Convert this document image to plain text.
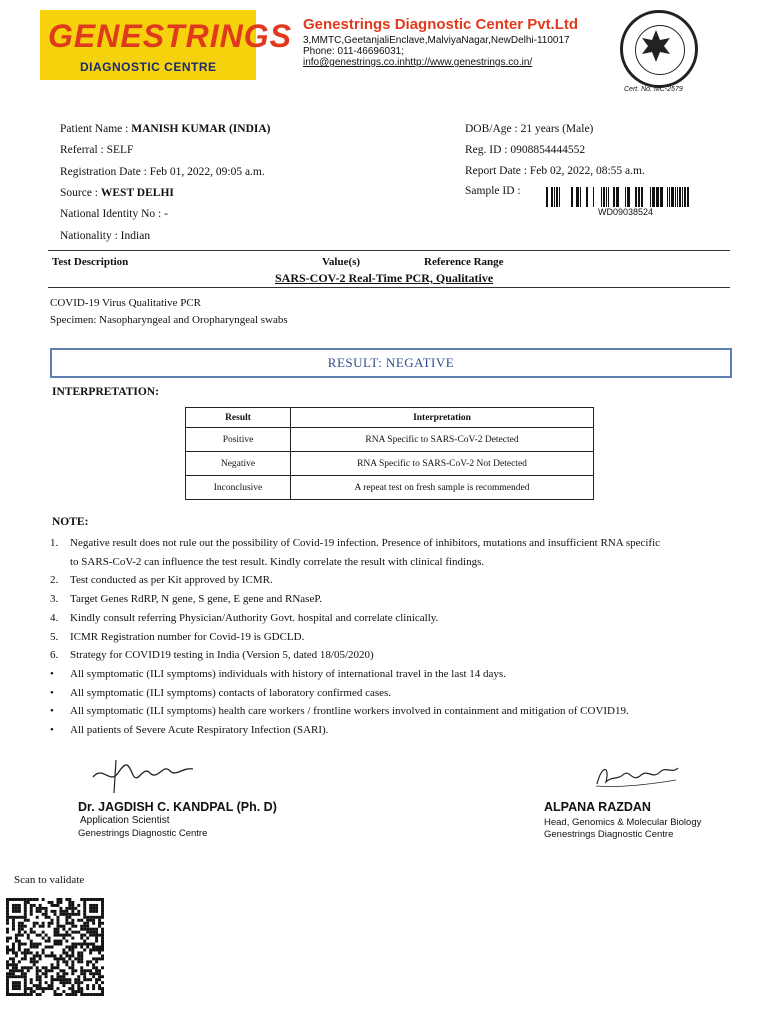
GENESTRINGS
DIAGNOSTIC CENTRE
Genestrings Diagnostic Center Pvt.Ltd
3,MMTC,GeetanjaliEnclave,MalviyaNagar,NewDelhi-110017
Phone: 011-46696031;
info@genestrings.co.inhttp://www.genestrings.co.in/
Cert. No. MC-2579
Patient Name : MANISH KUMAR (INDIA)
Referral : SELF
Registration Date : Feb 01, 2022, 09:05 a.m.
Source : WEST DELHI
National Identity No : -
Nationality : Indian
DOB/Age : 21 years (Male)
Reg. ID : 0908854444552
Report Date : Feb 02, 2022, 08:55 a.m.
Sample ID :
WD09038524
Test Description	Value(s)	Reference Range
SARS-COV-2 Real-Time PCR, Qualitative
COVID-19 Virus Qualitative PCR
Specimen: Nasopharyngeal and Oropharyngeal swabs
RESULT: NEGATIVE
INTERPRETATION:
Result	Interpretation
Positive	RNA Specific to SARS-CoV-2 Detected
Negative	RNA Specific to SARS-CoV-2 Not Detected
Inconclusive	A repeat test on fresh sample is recommended
NOTE:
1. Negative result does not rule out the possibility of Covid-19 infection. Presence of inhibitors, mutations and insufficient RNA specific
to SARS-CoV-2 can influence the test result. Kindly correlate the result with clinical findings.
2. Test conducted as per Kit approved by ICMR.
3. Target Genes RdRP, N gene, S gene, E gene and RNaseP.
4. Kindly consult referring Physician/Authority Govt. hospital and correlate clinically.
5. ICMR Registration number for Covid-19 is GDCLD.
6. Strategy for COVID19 testing in India (Version 5, dated 18/05/2020)
• All symptomatic (ILI symptoms) individuals with history of international travel in the last 14 days.
• All symptomatic (ILI symptoms) contacts of laboratory confirmed cases.
• All symptomatic (ILI symptoms) health care workers / frontline workers involved in containment and mitigation of COVID19.
• All patients of Severe Acute Respiratory Infection (SARI).
Dr. JAGDISH C. KANDPAL (Ph. D)
Application Scientist
Genestrings Diagnostic Centre
ALPANA RAZDAN
Head, Genomics & Molecular Biology
Genestrings Diagnostic Centre
Scan to validate
